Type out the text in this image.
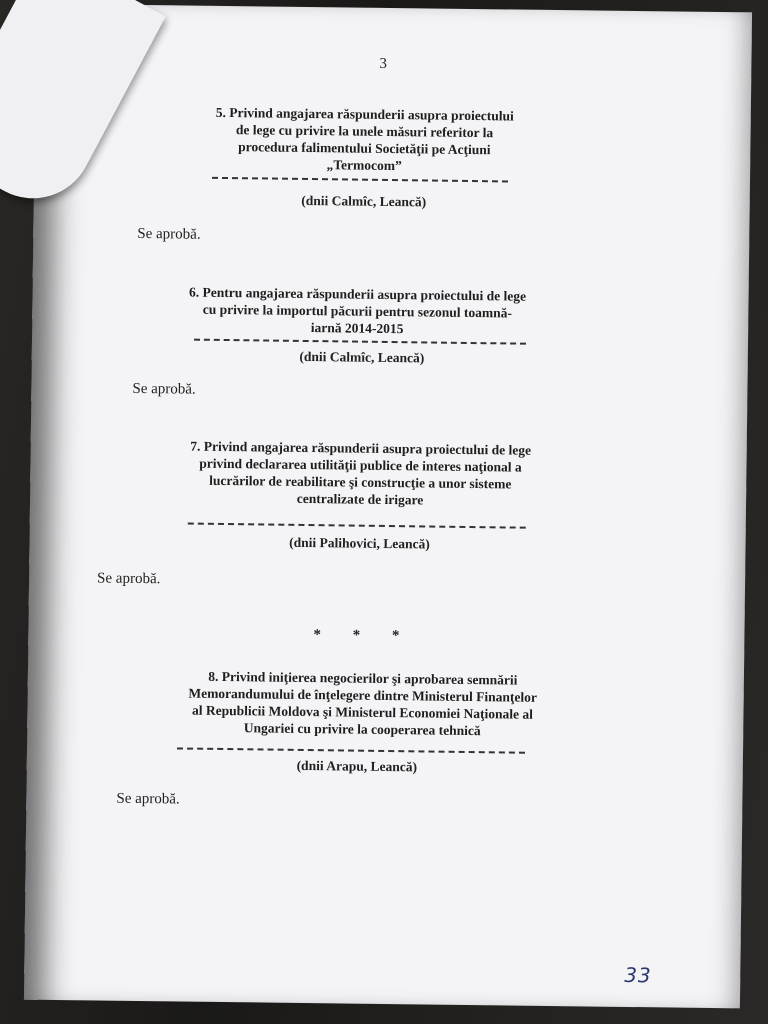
3
5. Privind angajarea răspunderii asupra proiectului
de lege cu privire la unele măsuri referitor la
procedura falimentului Societăţii pe Acţiuni
„Termocom”
(dnii Calmîc, Leancă)
Se aprobă.
6. Pentru angajarea răspunderii asupra proiectului de lege
cu privire la importul păcurii pentru sezonul toamnă-
iarnă 2014-2015
(dnii Calmîc, Leancă)
Se aprobă.
7. Privind angajarea răspunderii asupra proiectului de lege
privind declararea utilităţii publice de interes naţional a
lucrărilor de reabilitare şi construcţie a unor sisteme
centralizate de irigare
(dnii Palihovici, Leancă)
Se aprobă.
* * *
8. Privind iniţierea negocierilor şi aprobarea semnării
Memorandumului de înţelegere dintre Ministerul Finanţelor
al Republicii Moldova şi Ministerul Economiei Naţionale al
Ungariei cu privire la cooperarea tehnică
(dnii Arapu, Leancă)
Se aprobă.
33
